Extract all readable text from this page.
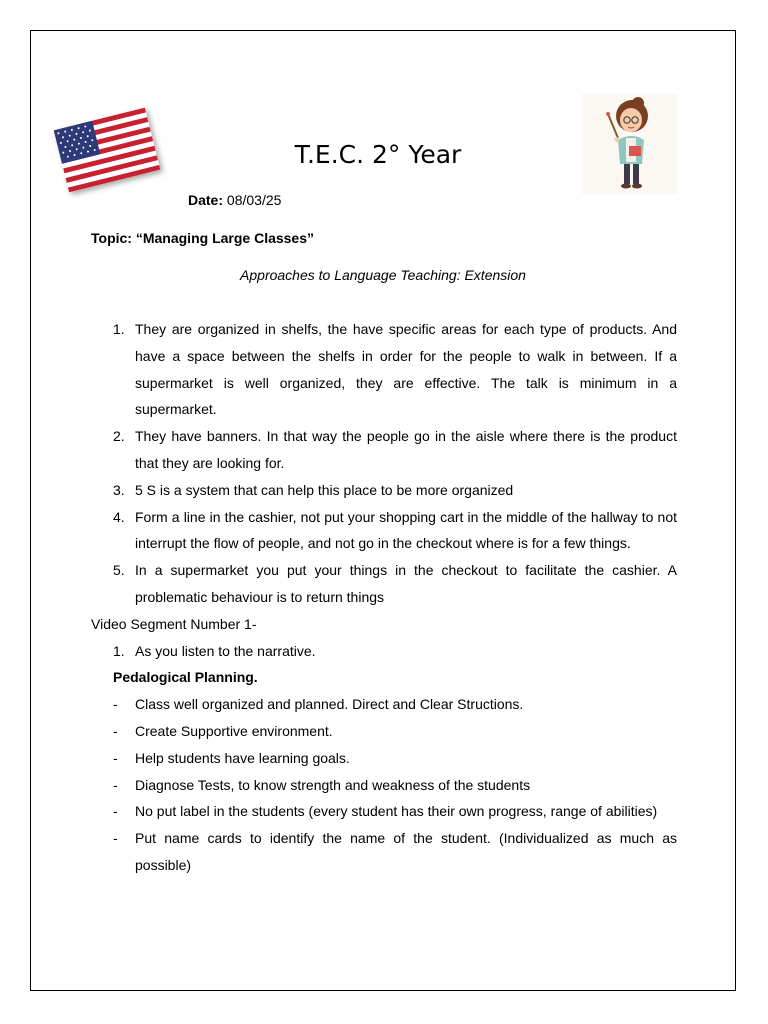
T.E.C. 2° Year
Date: 08/03/25
Topic: “Managing Large Classes”
Approaches to Language Teaching: Extension
1. They are organized in shelfs, the have specific areas for each type of products. And have a space between the shelfs in order for the people to walk in between. If a supermarket is well organized, they are effective. The talk is minimum in a supermarket.
2. They have banners. In that way the people go in the aisle where there is the product that they are looking for.
3. 5 S is a system that can help this place to be more organized
4. Form a line in the cashier, not put your shopping cart in the middle of the hallway to not interrupt the flow of people, and not go in the checkout where is for a few things.
5. In a supermarket you put your things in the checkout to facilitate the cashier. A problematic behaviour is to return things
Video Segment Number 1-
1. As you listen to the narrative.
Pedalogical Planning.
-	Class well organized and planned. Direct and Clear Structions.
-	Create Supportive environment.
-	Help students have learning goals.
-	Diagnose Tests, to know strength and weakness of the students
-	No put label in the students (every student has their own progress, range of abilities)
-	Put name cards to identify the name of the student. (Individualized as much as possible)
